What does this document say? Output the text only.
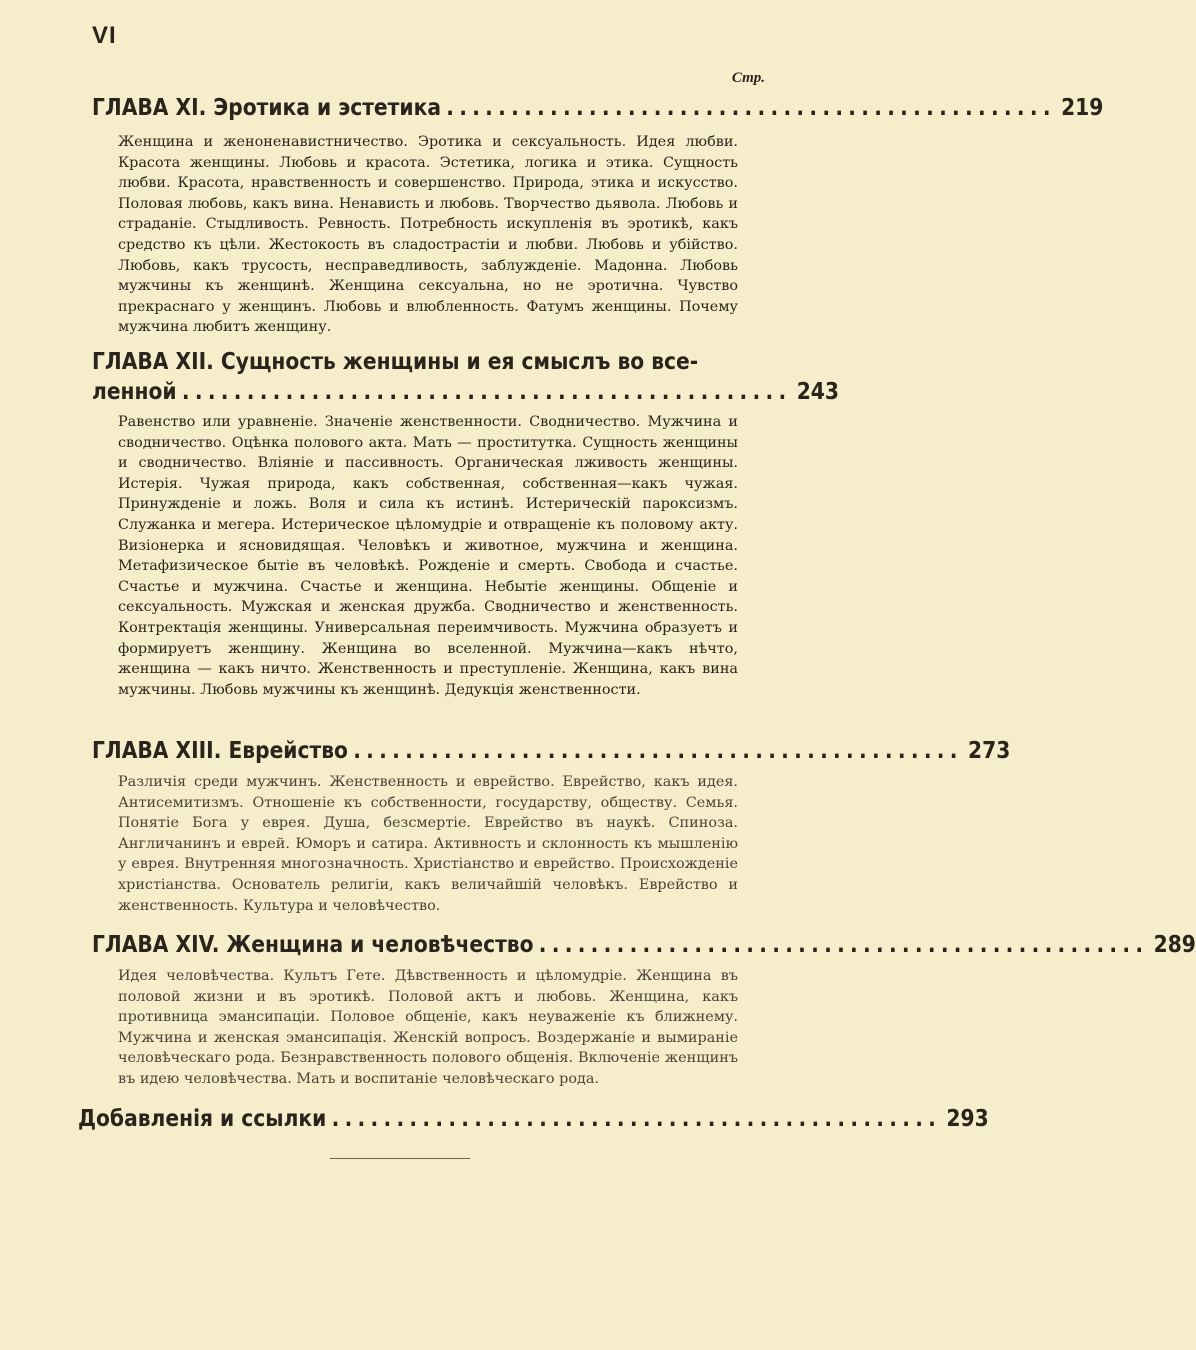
VI
Стр.
ГЛАВА XI. Эротика и эстетика ............................................... 219
Женщина и женоненавистничество. Эротика и сексуальность. Идея любви. Красота женщины. Любовь и красота. Эстетика, логика и этика. Сущность любви. Красота, нравственность и совершенство. Природа, этика и искусство. Половая любовь, какъ вина. Ненависть и любовь. Творчество дьявола. Любовь и страданіе. Стыдливость. Ревность. Потребность искупленія въ эротикѣ, какъ средство къ цѣли. Жестокость въ сладострастіи и любви. Любовь и убійство. Любовь, какъ трусость, несправедливость, заблужденіе. Мадонна. Любовь мужчины къ женщинѣ. Женщина сексуальна, но не эротична. Чувство прекраснаго у женщинъ. Любовь и влюбленность. Фатумъ женщины. Почему мужчина любитъ женщину.
ГЛАВА XII. Сущность женщины и ея смыслъ во все-
ленной ............................................... 243
Равенство или уравненіе. Значеніе женственности. Сводничество. Мужчина и сводничество. Оцѣнка полового акта. Мать — проститутка. Сущность женщины и сводничество. Вліяніе и пассивность. Органическая лживость женщины. Истерія. Чужая природа, какъ собственная, собственная—какъ чужая. Принужденіе и ложь. Воля и сила къ истинѣ. Истерическій пароксизмъ. Служанка и мегера. Истерическое цѣломудріе и отвращеніе къ половому акту. Визіонерка и ясновидящая. Человѣкъ и животное, мужчина и женщина. Метафизическое бытіе въ человѣкѣ. Рожденіе и смерть. Свобода и счастье. Счастье и мужчина. Счастье и женщина. Небытіе женщины. Общеніе и сексуальность. Мужская и женская дружба. Сводничество и женственность. Контректація женщины. Универсальная переимчивость. Мужчина образуетъ и формируетъ женщину. Женщина во вселенной. Мужчина—какъ нѣчто, женщина — какъ ничто. Женственность и преступленіе. Женщина, какъ вина мужчины. Любовь мужчины къ женщинѣ. Дедукція женственности.
ГЛАВА XIII. Еврейство ............................................... 273
Различія среди мужчинъ. Женственность и еврейство. Еврейство, какъ идея. Антисемитизмъ. Отношеніе къ собственности, государству, обществу. Семья. Понятіе Бога у еврея. Душа, безсмертіе. Еврейство въ наукѣ. Спиноза. Англичанинъ и еврей. Юморъ и сатира. Активность и склонность къ мышленію у еврея. Внутренняя многозначность. Христіанство и еврейство. Происхожденіе христіанства. Основатель религіи, какъ величайшій человѣкъ. Еврейство и женственность. Культура и человѣчество.
ГЛАВА XIV. Женщина и человѣчество ............................................... 289
Идея человѣчества. Культъ Гете. Дѣвственность и цѣломудріе. Женщина въ половой жизни и въ эротикѣ. Половой актъ и любовь. Женщина, какъ противница эмансипаціи. Половое общеніе, какъ неуваженіе къ ближнему. Мужчина и женская эмансипація. Женскій вопросъ. Воздержаніе и вымираніе человѣческаго рода. Безнравственность полового общенія. Включеніе женщинъ въ идею человѣчества. Мать и воспитаніе человѣческаго рода.
Добавленія и ссылки ............................................... 293
